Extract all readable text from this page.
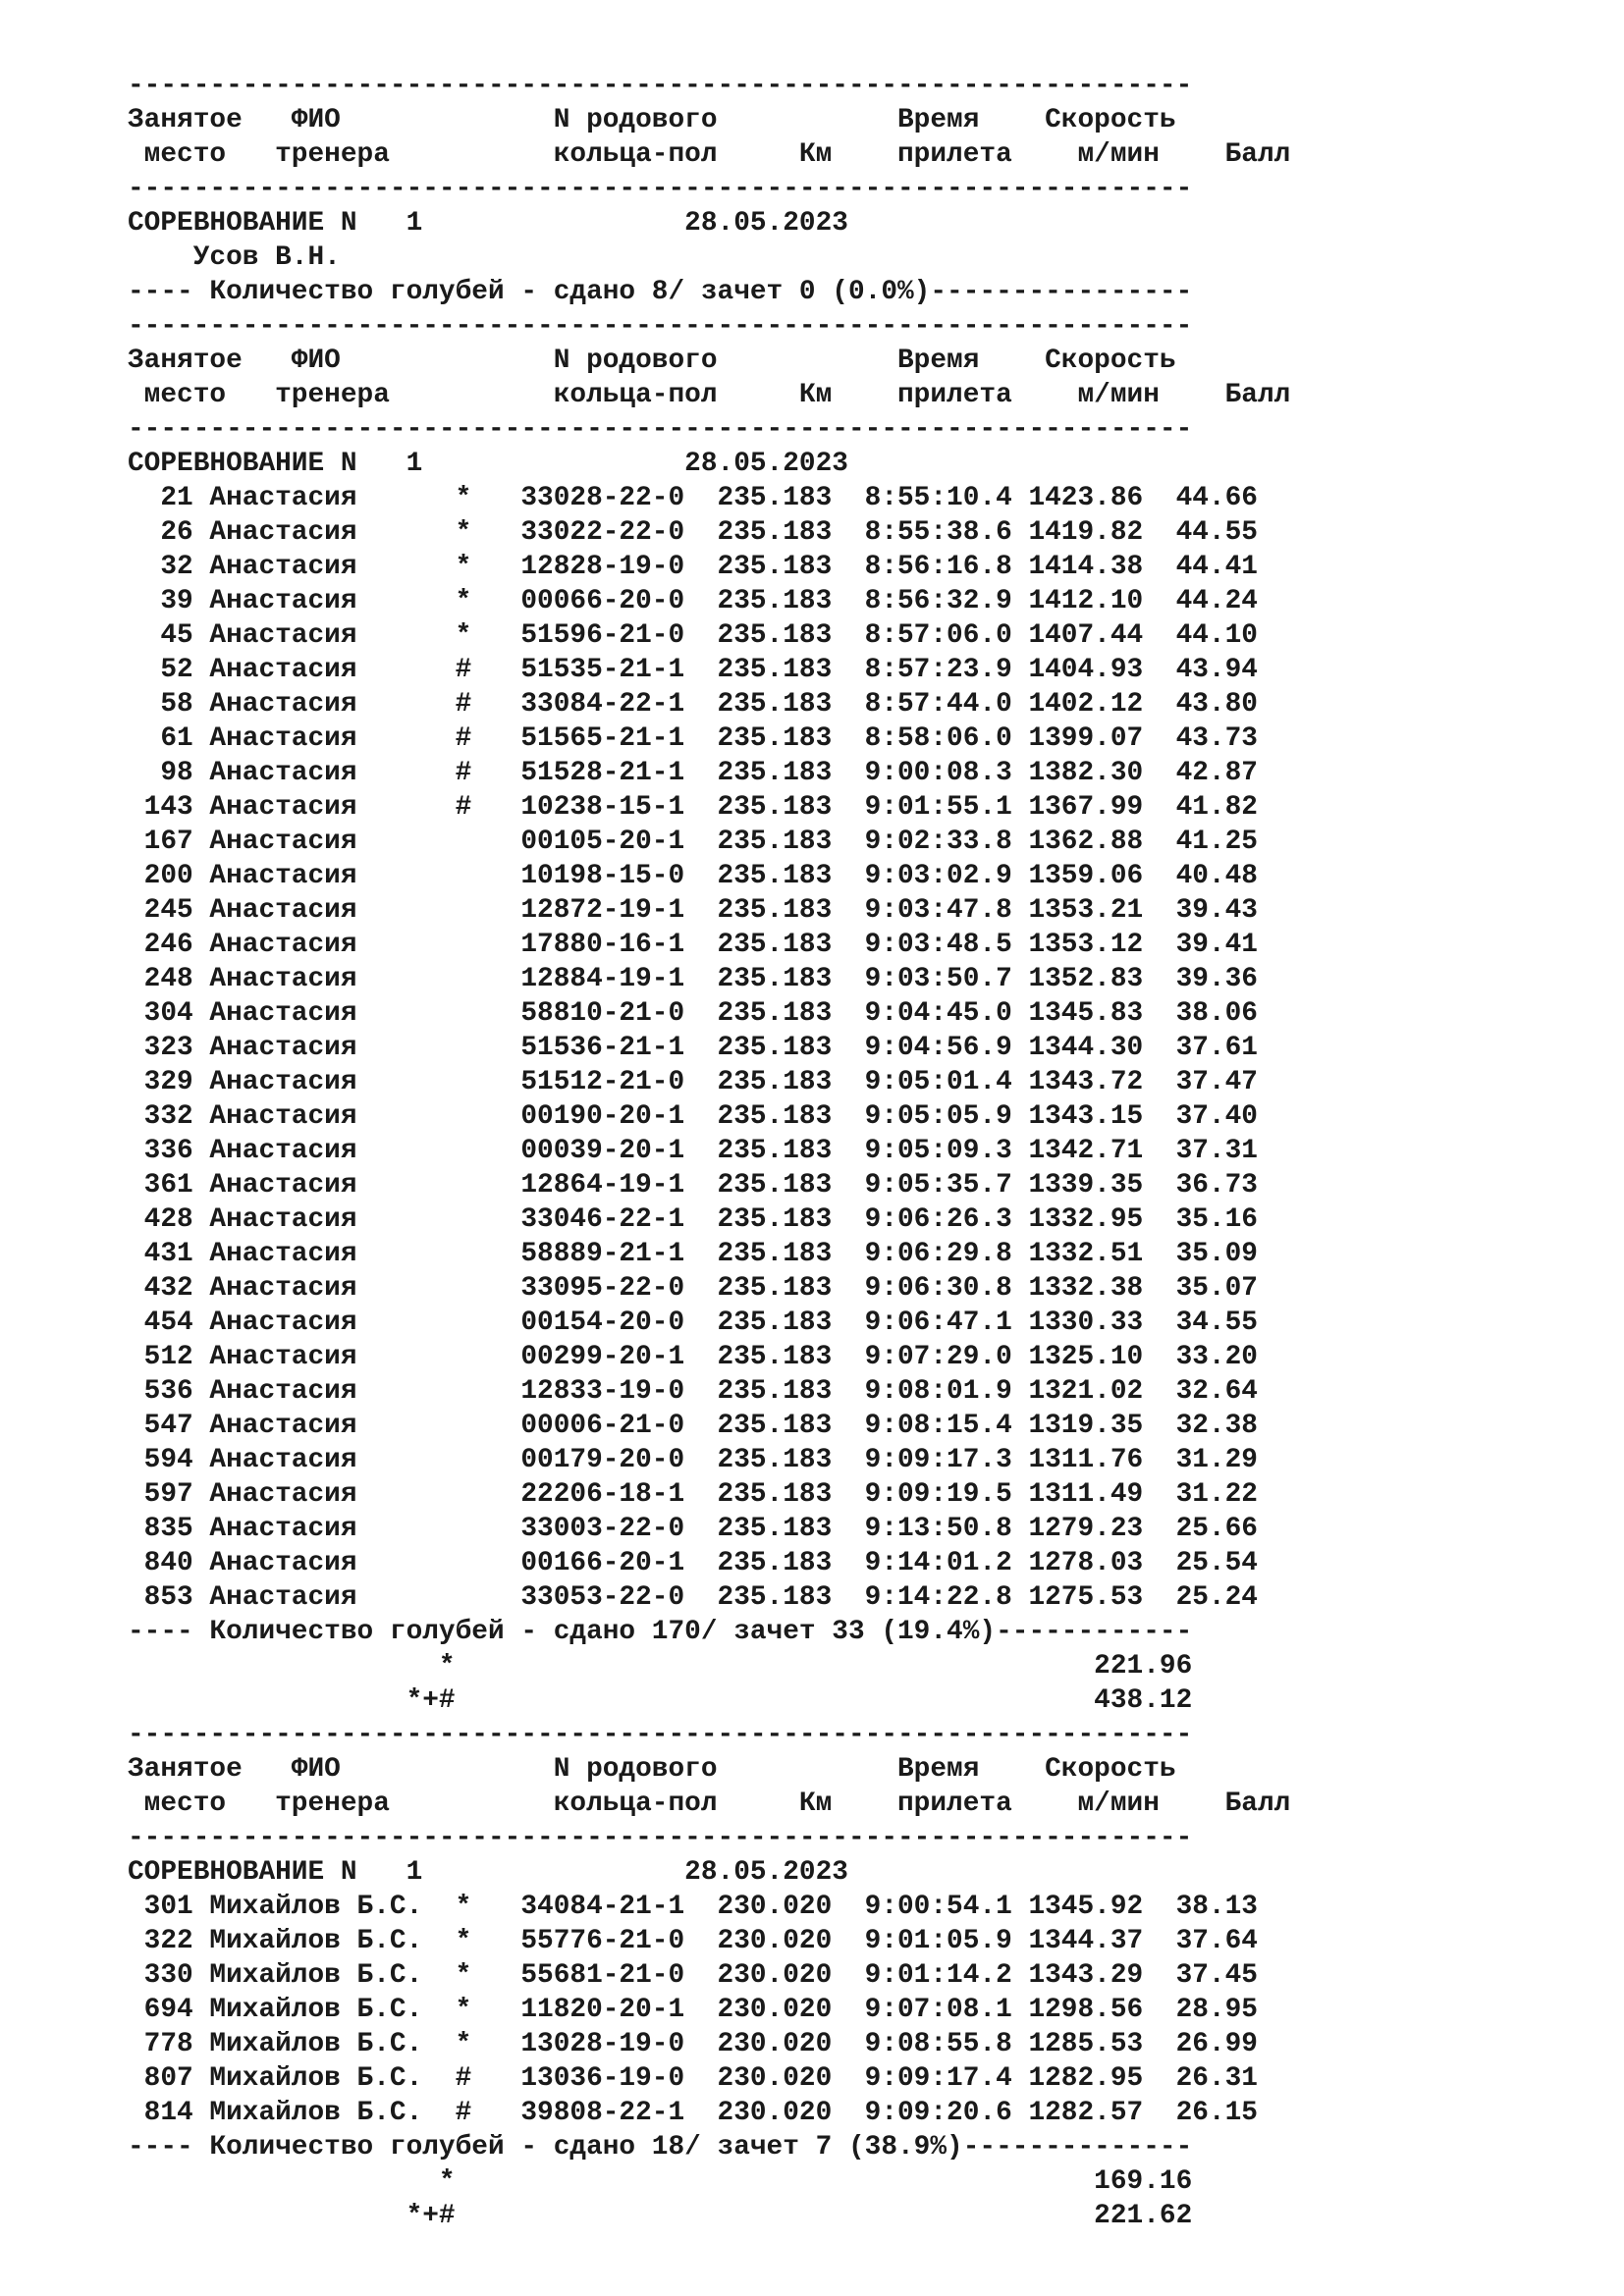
-----------------------------------------------------------------
Занятое   ФИО             N родового           Время    Скорость
место   тренера          кольца-пол     Км    прилета    м/мин    Балл
-----------------------------------------------------------------
СОРЕВНОВАНИЕ N   1                28.05.2023
Усов В.Н.
---- Количество голубей - сдано 8/ зачет 0 (0.0%)----------------
-----------------------------------------------------------------
Занятое   ФИО             N родового           Время    Скорость
место   тренера          кольца-пол     Км    прилета    м/мин    Балл
-----------------------------------------------------------------
СОРЕВНОВАНИЕ N   1                28.05.2023
21 Анастасия      *   33028-22-0  235.183  8:55:10.4 1423.86  44.66
26 Анастасия      *   33022-22-0  235.183  8:55:38.6 1419.82  44.55
32 Анастасия      *   12828-19-0  235.183  8:56:16.8 1414.38  44.41
39 Анастасия      *   00066-20-0  235.183  8:56:32.9 1412.10  44.24
45 Анастасия      *   51596-21-0  235.183  8:57:06.0 1407.44  44.10
52 Анастасия      #   51535-21-1  235.183  8:57:23.9 1404.93  43.94
58 Анастасия      #   33084-22-1  235.183  8:57:44.0 1402.12  43.80
61 Анастасия      #   51565-21-1  235.183  8:58:06.0 1399.07  43.73
98 Анастасия      #   51528-21-1  235.183  9:00:08.3 1382.30  42.87
143 Анастасия      #   10238-15-1  235.183  9:01:55.1 1367.99  41.82
167 Анастасия          00105-20-1  235.183  9:02:33.8 1362.88  41.25
200 Анастасия          10198-15-0  235.183  9:03:02.9 1359.06  40.48
245 Анастасия          12872-19-1  235.183  9:03:47.8 1353.21  39.43
246 Анастасия          17880-16-1  235.183  9:03:48.5 1353.12  39.41
248 Анастасия          12884-19-1  235.183  9:03:50.7 1352.83  39.36
304 Анастасия          58810-21-0  235.183  9:04:45.0 1345.83  38.06
323 Анастасия          51536-21-1  235.183  9:04:56.9 1344.30  37.61
329 Анастасия          51512-21-0  235.183  9:05:01.4 1343.72  37.47
332 Анастасия          00190-20-1  235.183  9:05:05.9 1343.15  37.40
336 Анастасия          00039-20-1  235.183  9:05:09.3 1342.71  37.31
361 Анастасия          12864-19-1  235.183  9:05:35.7 1339.35  36.73
428 Анастасия          33046-22-1  235.183  9:06:26.3 1332.95  35.16
431 Анастасия          58889-21-1  235.183  9:06:29.8 1332.51  35.09
432 Анастасия          33095-22-0  235.183  9:06:30.8 1332.38  35.07
454 Анастасия          00154-20-0  235.183  9:06:47.1 1330.33  34.55
512 Анастасия          00299-20-1  235.183  9:07:29.0 1325.10  33.20
536 Анастасия          12833-19-0  235.183  9:08:01.9 1321.02  32.64
547 Анастасия          00006-21-0  235.183  9:08:15.4 1319.35  32.38
594 Анастасия          00179-20-0  235.183  9:09:17.3 1311.76  31.29
597 Анастасия          22206-18-1  235.183  9:09:19.5 1311.49  31.22
835 Анастасия          33003-22-0  235.183  9:13:50.8 1279.23  25.66
840 Анастасия          00166-20-1  235.183  9:14:01.2 1278.03  25.54
853 Анастасия          33053-22-0  235.183  9:14:22.8 1275.53  25.24
---- Количество голубей - сдано 170/ зачет 33 (19.4%)------------
*                                       221.96
*+#                                       438.12
-----------------------------------------------------------------
Занятое   ФИО             N родового           Время    Скорость
место   тренера          кольца-пол     Км    прилета    м/мин    Балл
-----------------------------------------------------------------
СОРЕВНОВАНИЕ N   1                28.05.2023
301 Михайлов Б.С.  *   34084-21-1  230.020  9:00:54.1 1345.92  38.13
322 Михайлов Б.С.  *   55776-21-0  230.020  9:01:05.9 1344.37  37.64
330 Михайлов Б.С.  *   55681-21-0  230.020  9:01:14.2 1343.29  37.45
694 Михайлов Б.С.  *   11820-20-1  230.020  9:07:08.1 1298.56  28.95
778 Михайлов Б.С.  *   13028-19-0  230.020  9:08:55.8 1285.53  26.99
807 Михайлов Б.С.  #   13036-19-0  230.020  9:09:17.4 1282.95  26.31
814 Михайлов Б.С.  #   39808-22-1  230.020  9:09:20.6 1282.57  26.15
---- Количество голубей - сдано 18/ зачет 7 (38.9%)--------------
*                                       169.16
*+#                                       221.62
